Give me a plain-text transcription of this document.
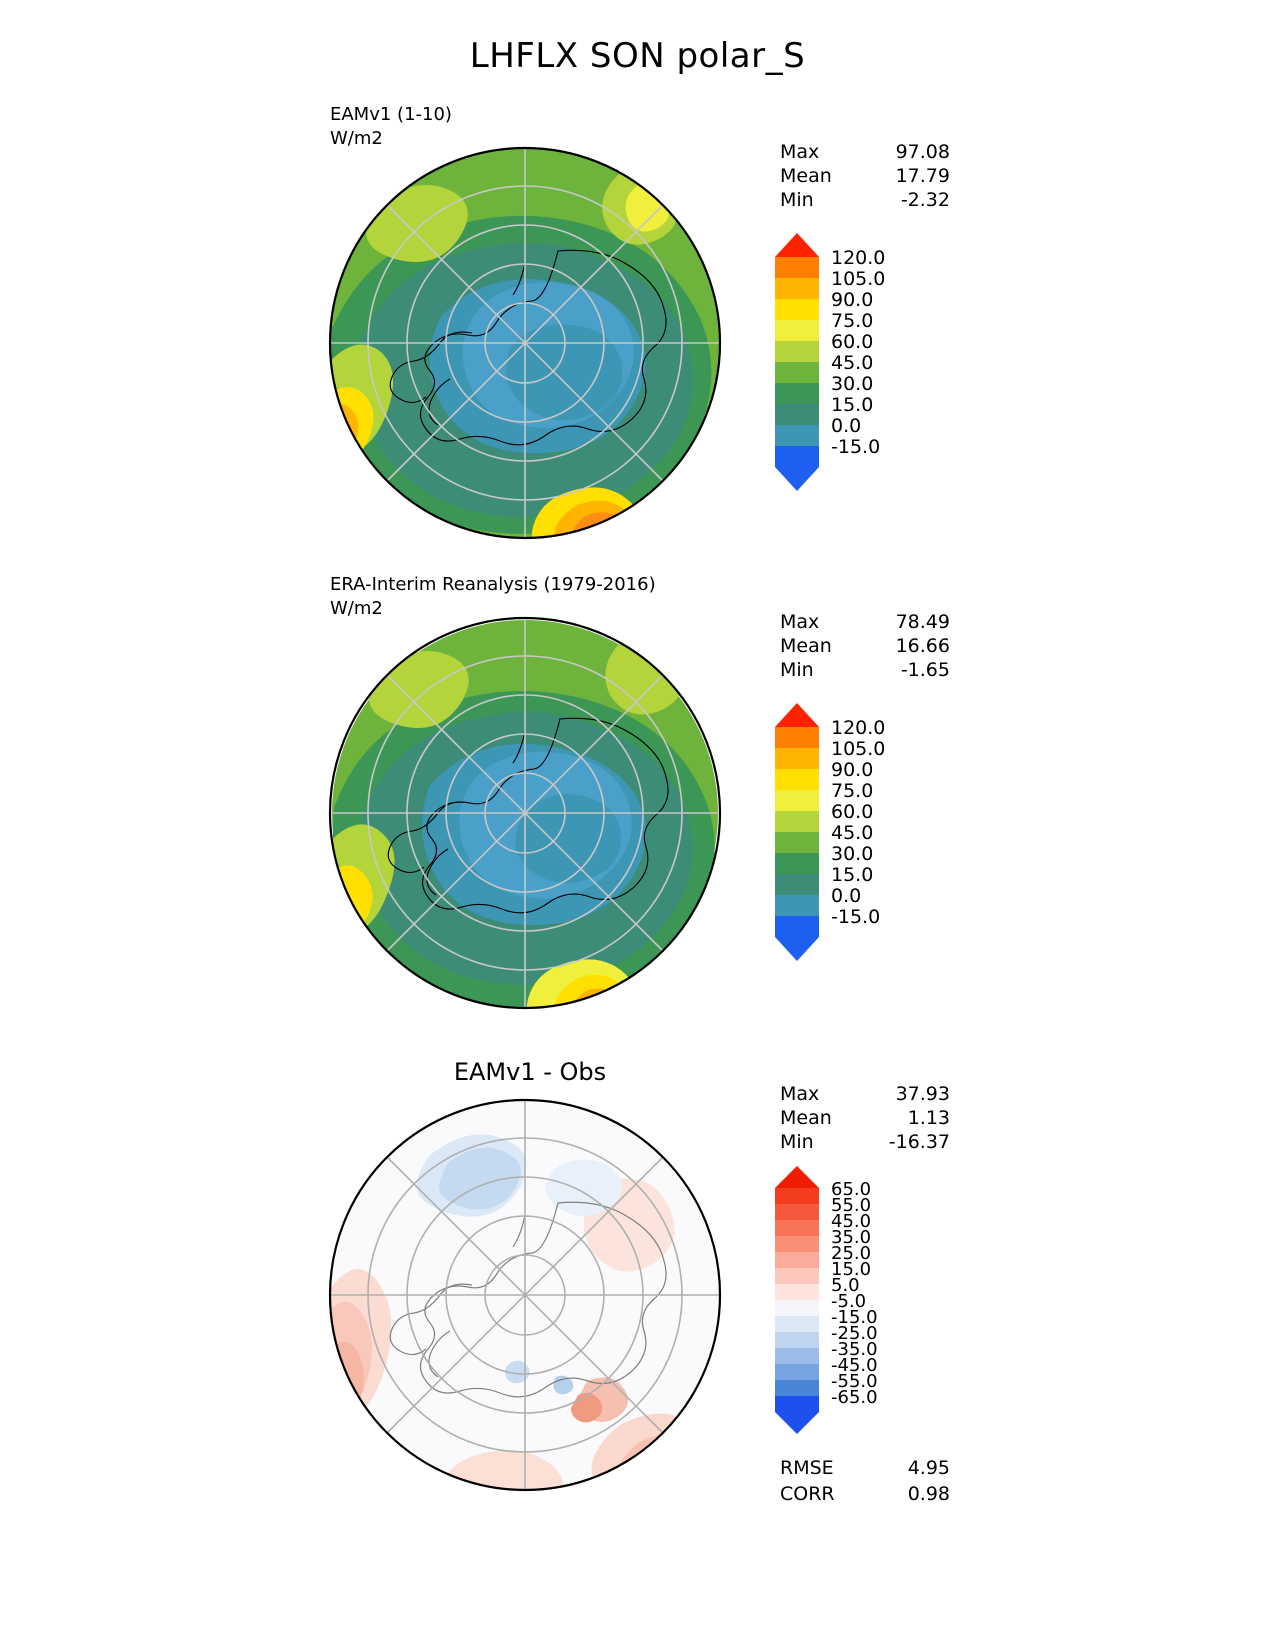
LHFLX SON polar_S
EAMv1 (1-10)
W/m2
Max	97.08
Mean	17.79
Min	-2.32
120.0
105.0
90.0
75.0
60.0
45.0
30.0
15.0
0.0
-15.0
ERA-Interim Reanalysis (1979-2016)
W/m2
Max	78.49
Mean	16.66
Min	-1.65
120.0
105.0
90.0
75.0
60.0
45.0
30.0
15.0
0.0
-15.0
EAMv1 - Obs
Max	37.93
Mean	1.13
Min	-16.37
65.0
55.0
45.0
35.0
25.0
15.0
5.0
-5.0
-15.0
-25.0
-35.0
-45.0
-55.0
-65.0
RMSE	4.95
CORR	0.98
